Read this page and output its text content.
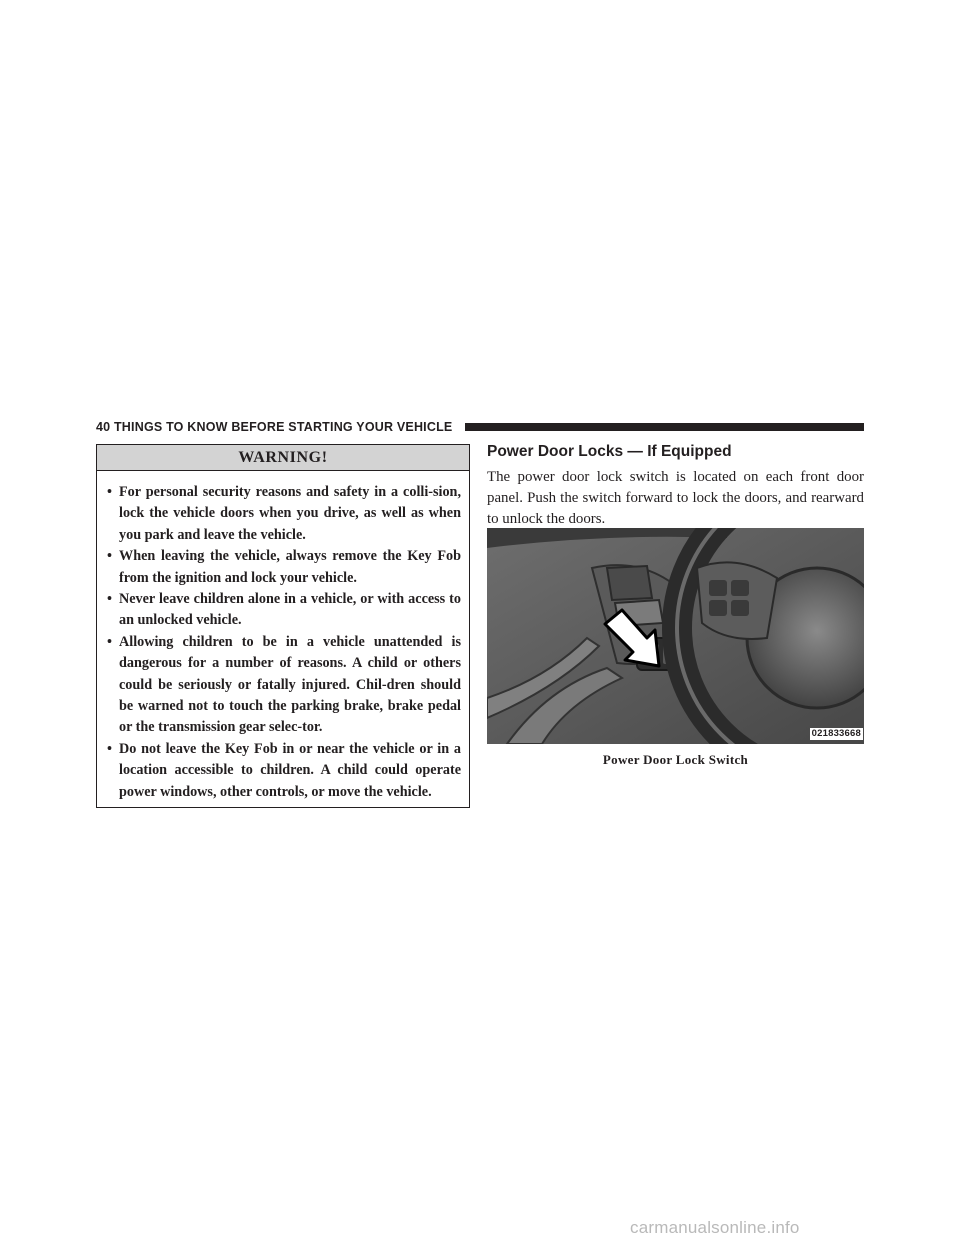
40 THINGS TO KNOW BEFORE STARTING YOUR VEHICLE
WARNING!
• For personal security reasons and safety in a colli-sion, lock the vehicle doors when you drive, as well as when you park and leave the vehicle.
• When leaving the vehicle, always remove the Key Fob from the ignition and lock your vehicle.
• Never leave children alone in a vehicle, or with access to an unlocked vehicle.
• Allowing children to be in a vehicle unattended is dangerous for a number of reasons. A child or others could be seriously or fatally injured. Chil-dren should be warned not to touch the parking brake, brake pedal or the transmission gear selec-tor.
• Do not leave the Key Fob in or near the vehicle or in a location accessible to children. A child could operate power windows, other controls, or move the vehicle.
Power Door Locks — If Equipped

The power door lock switch is located on each front door panel. Push the switch forward to lock the doors, and rearward to unlock the doors.

021833668
Power Door Lock Switch
carmanualsonline.info
